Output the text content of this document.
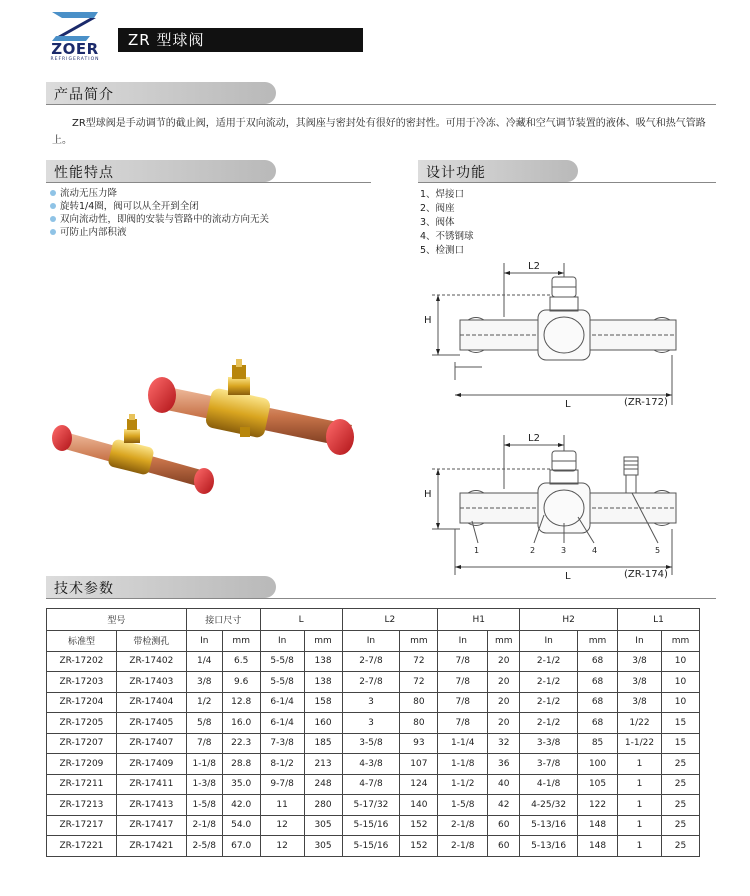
ZOER
REFRIGERATION
ZR 型球阀
产品简介
ZR型球阀是手动调节的截止阀，适用于双向流动，其阀座与密封处有很好的密封性。可用于冷冻、冷藏和空气调节装置的液体、吸气和热气管路上。
性能特点
流动无压力降
旋转1/4圈，阀可以从全开到全闭
双向流动性，即阀的安装与管路中的流动方向无关
可防止内部积液
设计功能
1、焊接口
2、阀座
3、阀体
4、不锈钢球
5、检测口
L2
H
L	(ZR-172)
L2
H
L	(ZR-174)
1	2	3	4	5
技术参数
型号		接口尺寸		L		L2		H1		H2		L1	
标准型	带检测孔	In	mm	In	mm	In	mm	In	mm	In	mm	In	mm
ZR-17202	ZR-17402	1/4	6.5	5-5/8	138	2-7/8	72	7/8	20	2-1/2	68	3/8	10
ZR-17203	ZR-17403	3/8	9.6	5-5/8	138	2-7/8	72	7/8	20	2-1/2	68	3/8	10
ZR-17204	ZR-17404	1/2	12.8	6-1/4	158	3	80	7/8	20	2-1/2	68	3/8	10
ZR-17205	ZR-17405	5/8	16.0	6-1/4	160	3	80	7/8	20	2-1/2	68	1/22	15
ZR-17207	ZR-17407	7/8	22.3	7-3/8	185	3-5/8	93	1-1/4	32	3-3/8	85	1-1/22	15
ZR-17209	ZR-17409	1-1/8	28.8	8-1/2	213	4-3/8	107	1-1/8	36	3-7/8	100	1	25
ZR-17211	ZR-17411	1-3/8	35.0	9-7/8	248	4-7/8	124	1-1/2	40	4-1/8	105	1	25
ZR-17213	ZR-17413	1-5/8	42.0	11	280	5-17/32	140	1-5/8	42	4-25/32	122	1	25
ZR-17217	ZR-17417	2-1/8	54.0	12	305	5-15/16	152	2-1/8	60	5-13/16	148	1	25
ZR-17221	ZR-17421	2-5/8	67.0	12	305	5-15/16	152	2-1/8	60	5-13/16	148	1	25
